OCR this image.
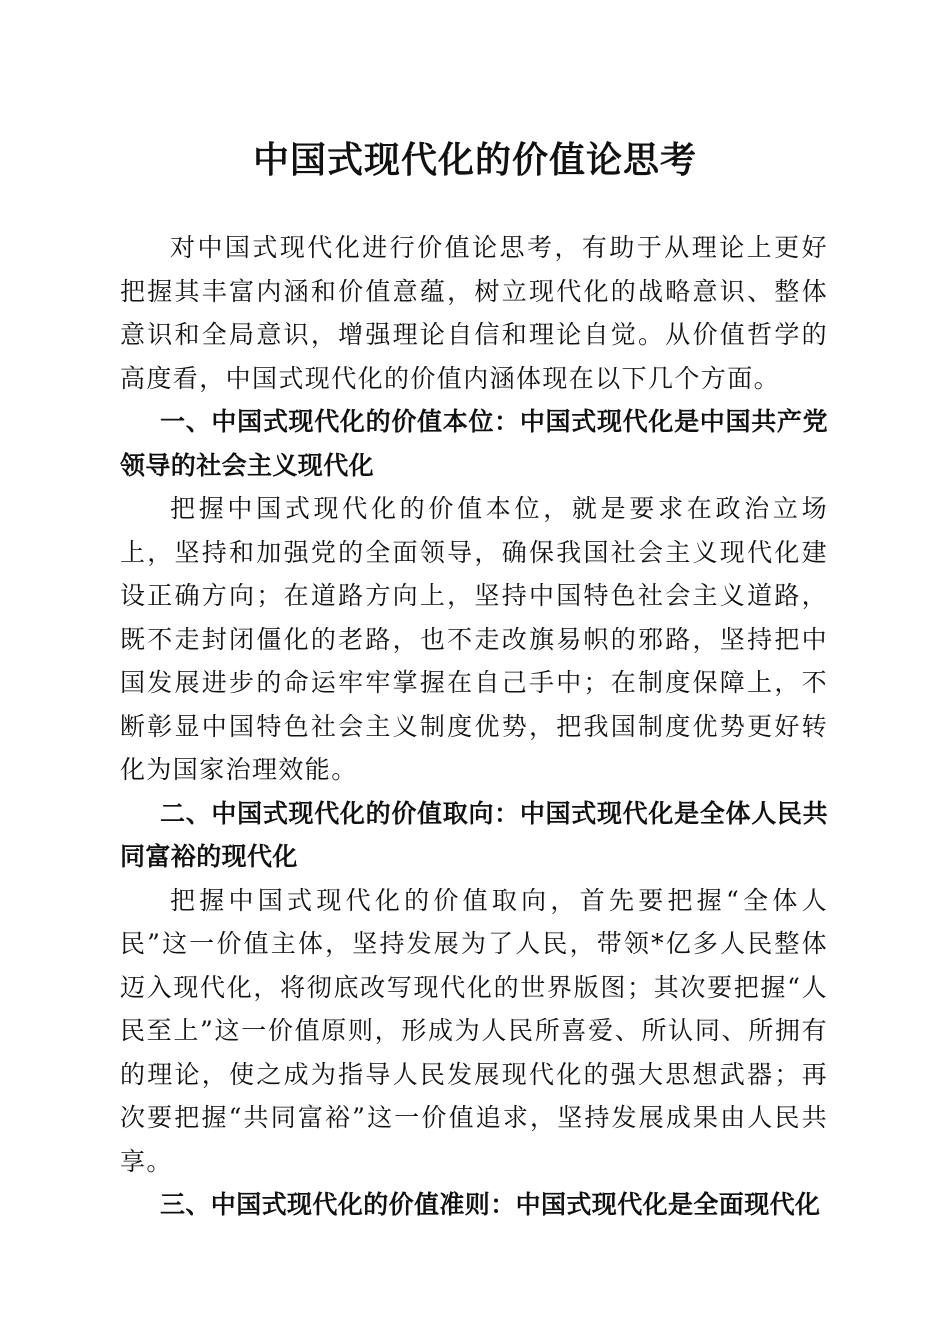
中国式现代化的价值论思考

对中国式现代化进行价值论思考，有助于从理论上更好把握其丰富内涵和价值意蕴，树立现代化的战略意识、整体意识和全局意识，增强理论自信和理论自觉。从价值哲学的高度看，中国式现代化的价值内涵体现在以下几个方面。

一、中国式现代化的价值本位：中国式现代化是中国共产党领导的社会主义现代化

把握中国式现代化的价值本位，就是要求在政治立场上，坚持和加强党的全面领导，确保我国社会主义现代化建设正确方向；在道路方向上，坚持中国特色社会主义道路，既不走封闭僵化的老路，也不走改旗易帜的邪路，坚持把中国发展进步的命运牢牢掌握在自己手中；在制度保障上，不断彰显中国特色社会主义制度优势，把我国制度优势更好转化为国家治理效能。

二、中国式现代化的价值取向：中国式现代化是全体人民共同富裕的现代化

把握中国式现代化的价值取向，首先要把握“全体人民”这一价值主体，坚持发展为了人民，带领*亿多人民整体迈入现代化，将彻底改写现代化的世界版图；其次要把握“人民至上”这一价值原则，形成为人民所喜爱、所认同、所拥有的理论，使之成为指导人民发展现代化的强大思想武器；再次要把握“共同富裕”这一价值追求，坚持发展成果由人民共享。

三、中国式现代化的价值准则：中国式现代化是全面现代化
